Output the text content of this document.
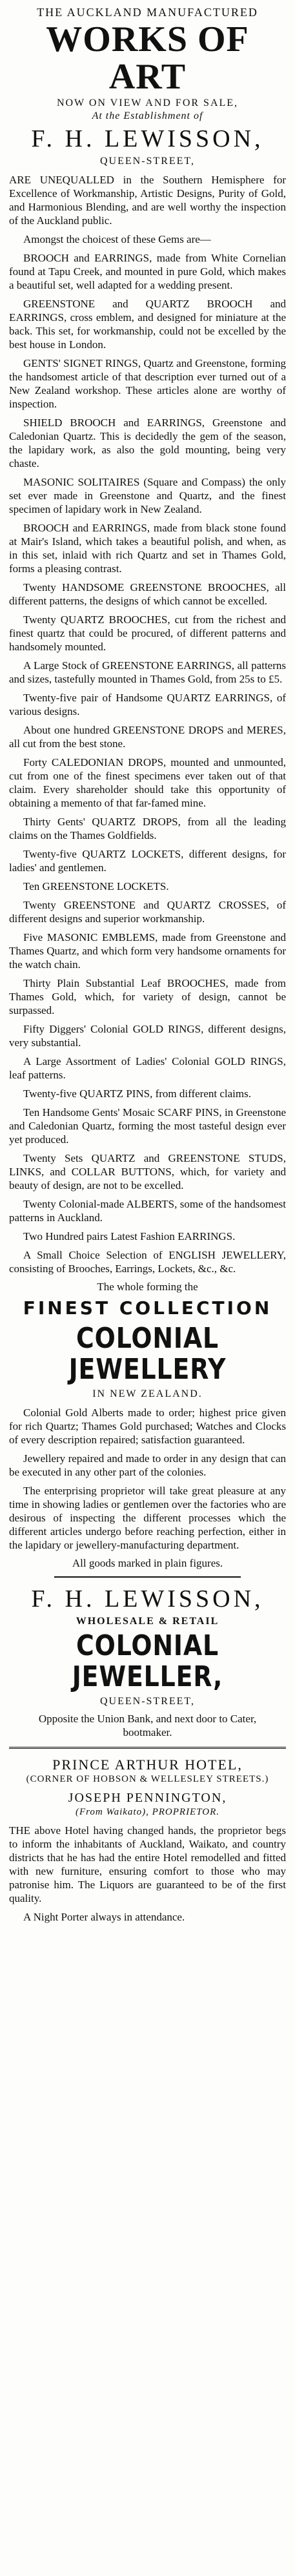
THE AUCKLAND MANUFACTURED
WORKS OF ART
NOW ON VIEW AND FOR SALE,
At the Establishment of
F. H. LEWISSON,
QUEEN-STREET,

ARE UNEQUALLED in the Southern Hemisphere for Excellence of Workmanship, Artistic Designs, Purity of Gold, and Harmonious Blending, and are well worthy the inspection of the Auckland public.

Amongst the choicest of these Gems are—

BROOCH and EARRINGS, made from White Cornelian found at Tapu Creek, and mounted in pure Gold, which makes a beautiful set, well adapted for a wedding present.

GREENSTONE and QUARTZ BROOCH and EARRINGS, cross emblem, and designed for miniature at the back. This set, for workmanship, could not be excelled by the best house in London.

GENTS' SIGNET RINGS, Quartz and Greenstone, forming the handsomest article of that description ever turned out of a New Zealand workshop. These articles alone are worthy of inspection.

SHIELD BROOCH and EARRINGS, Greenstone and Caledonian Quartz. This is decidedly the gem of the season, the lapidary work, as also the gold mounting, being very chaste.

MASONIC SOLITAIRES (Square and Compass) the only set ever made in Greenstone and Quartz, and the finest specimen of lapidary work in New Zealand.

BROOCH and EARRINGS, made from black stone found at Mair's Island, which takes a beautiful polish, and when, as in this set, inlaid with rich Quartz and set in Thames Gold, forms a pleasing contrast.

Twenty HANDSOME GREENSTONE BROOCHES, all different patterns, the designs of which cannot be excelled.

Twenty QUARTZ BROOCHES, cut from the richest and finest quartz that could be procured, of different patterns and handsomely mounted.

A Large Stock of GREENSTONE EARRINGS, all patterns and sizes, tastefully mounted in Thames Gold, from 25s to £5.

Twenty-five pair of Handsome QUARTZ EARRINGS, of various designs.

About one hundred GREENSTONE DROPS and MERES, all cut from the best stone.

Forty CALEDONIAN DROPS, mounted and unmounted, cut from one of the finest specimens ever taken out of that claim. Every shareholder should take this opportunity of obtaining a memento of that far-famed mine.

Thirty Gents' QUARTZ DROPS, from all the leading claims on the Thames Goldfields.

Twenty-five QUARTZ LOCKETS, different designs, for ladies' and gentlemen.

Ten GREENSTONE LOCKETS.

Twenty GREENSTONE and QUARTZ CROSSES, of different designs and superior workmanship.

Five MASONIC EMBLEMS, made from Greenstone and Thames Quartz, and which form very handsome ornaments for the watch chain.

Thirty Plain Substantial Leaf BROOCHES, made from Thames Gold, which, for variety of design, cannot be surpassed.

Fifty Diggers' Colonial GOLD RINGS, different designs, very substantial.

A Large Assortment of Ladies' Colonial GOLD RINGS, leaf patterns.

Twenty-five QUARTZ PINS, from different claims.

Ten Handsome Gents' Mosaic SCARF PINS, in Greenstone and Caledonian Quartz, forming the most tasteful design ever yet produced.

Twenty Sets QUARTZ and GREENSTONE STUDS, LINKS, and COLLAR BUTTONS, which, for variety and beauty of design, are not to be excelled.

Twenty Colonial-made ALBERTS, some of the handsomest patterns in Auckland.

Two Hundred pairs Latest Fashion EARRINGS.

A Small Choice Selection of ENGLISH JEWELLERY, consisting of Brooches, Earrings, Lockets, &c., &c.

The whole forming the
FINEST COLLECTION
COLONIAL JEWELLERY
IN NEW ZEALAND.

Colonial Gold Alberts made to order; highest price given for rich Quartz; Thames Gold purchased; Watches and Clocks of every description repaired; satisfaction guaranteed.

Jewellery repaired and made to order in any design that can be executed in any other part of the colonies.

The enterprising proprietor will take great pleasure at any time in showing ladies or gentlemen over the factories who are desirous of inspecting the different processes which the different articles undergo before reaching perfection, either in the lapidary or jewellery-manufacturing department.

All goods marked in plain figures.
F. H. LEWISSON,
WHOLESALE & RETAIL
COLONIAL JEWELLER,
QUEEN-STREET,
Opposite the Union Bank, and next door to Cater, bootmaker.
PRINCE ARTHUR HOTEL,
(CORNER OF HOBSON & WELLESLEY STREETS.)
JOSEPH PENNINGTON,
(From Waikato), PROPRIETOR.

THE above Hotel having changed hands, the proprietor begs to inform the inhabitants of Auckland, Waikato, and country districts that he has had the entire Hotel remodelled and fitted with new furniture, ensuring comfort to those who may patronise him. The Liquors are guaranteed to be of the first quality.

A Night Porter always in attendance.
